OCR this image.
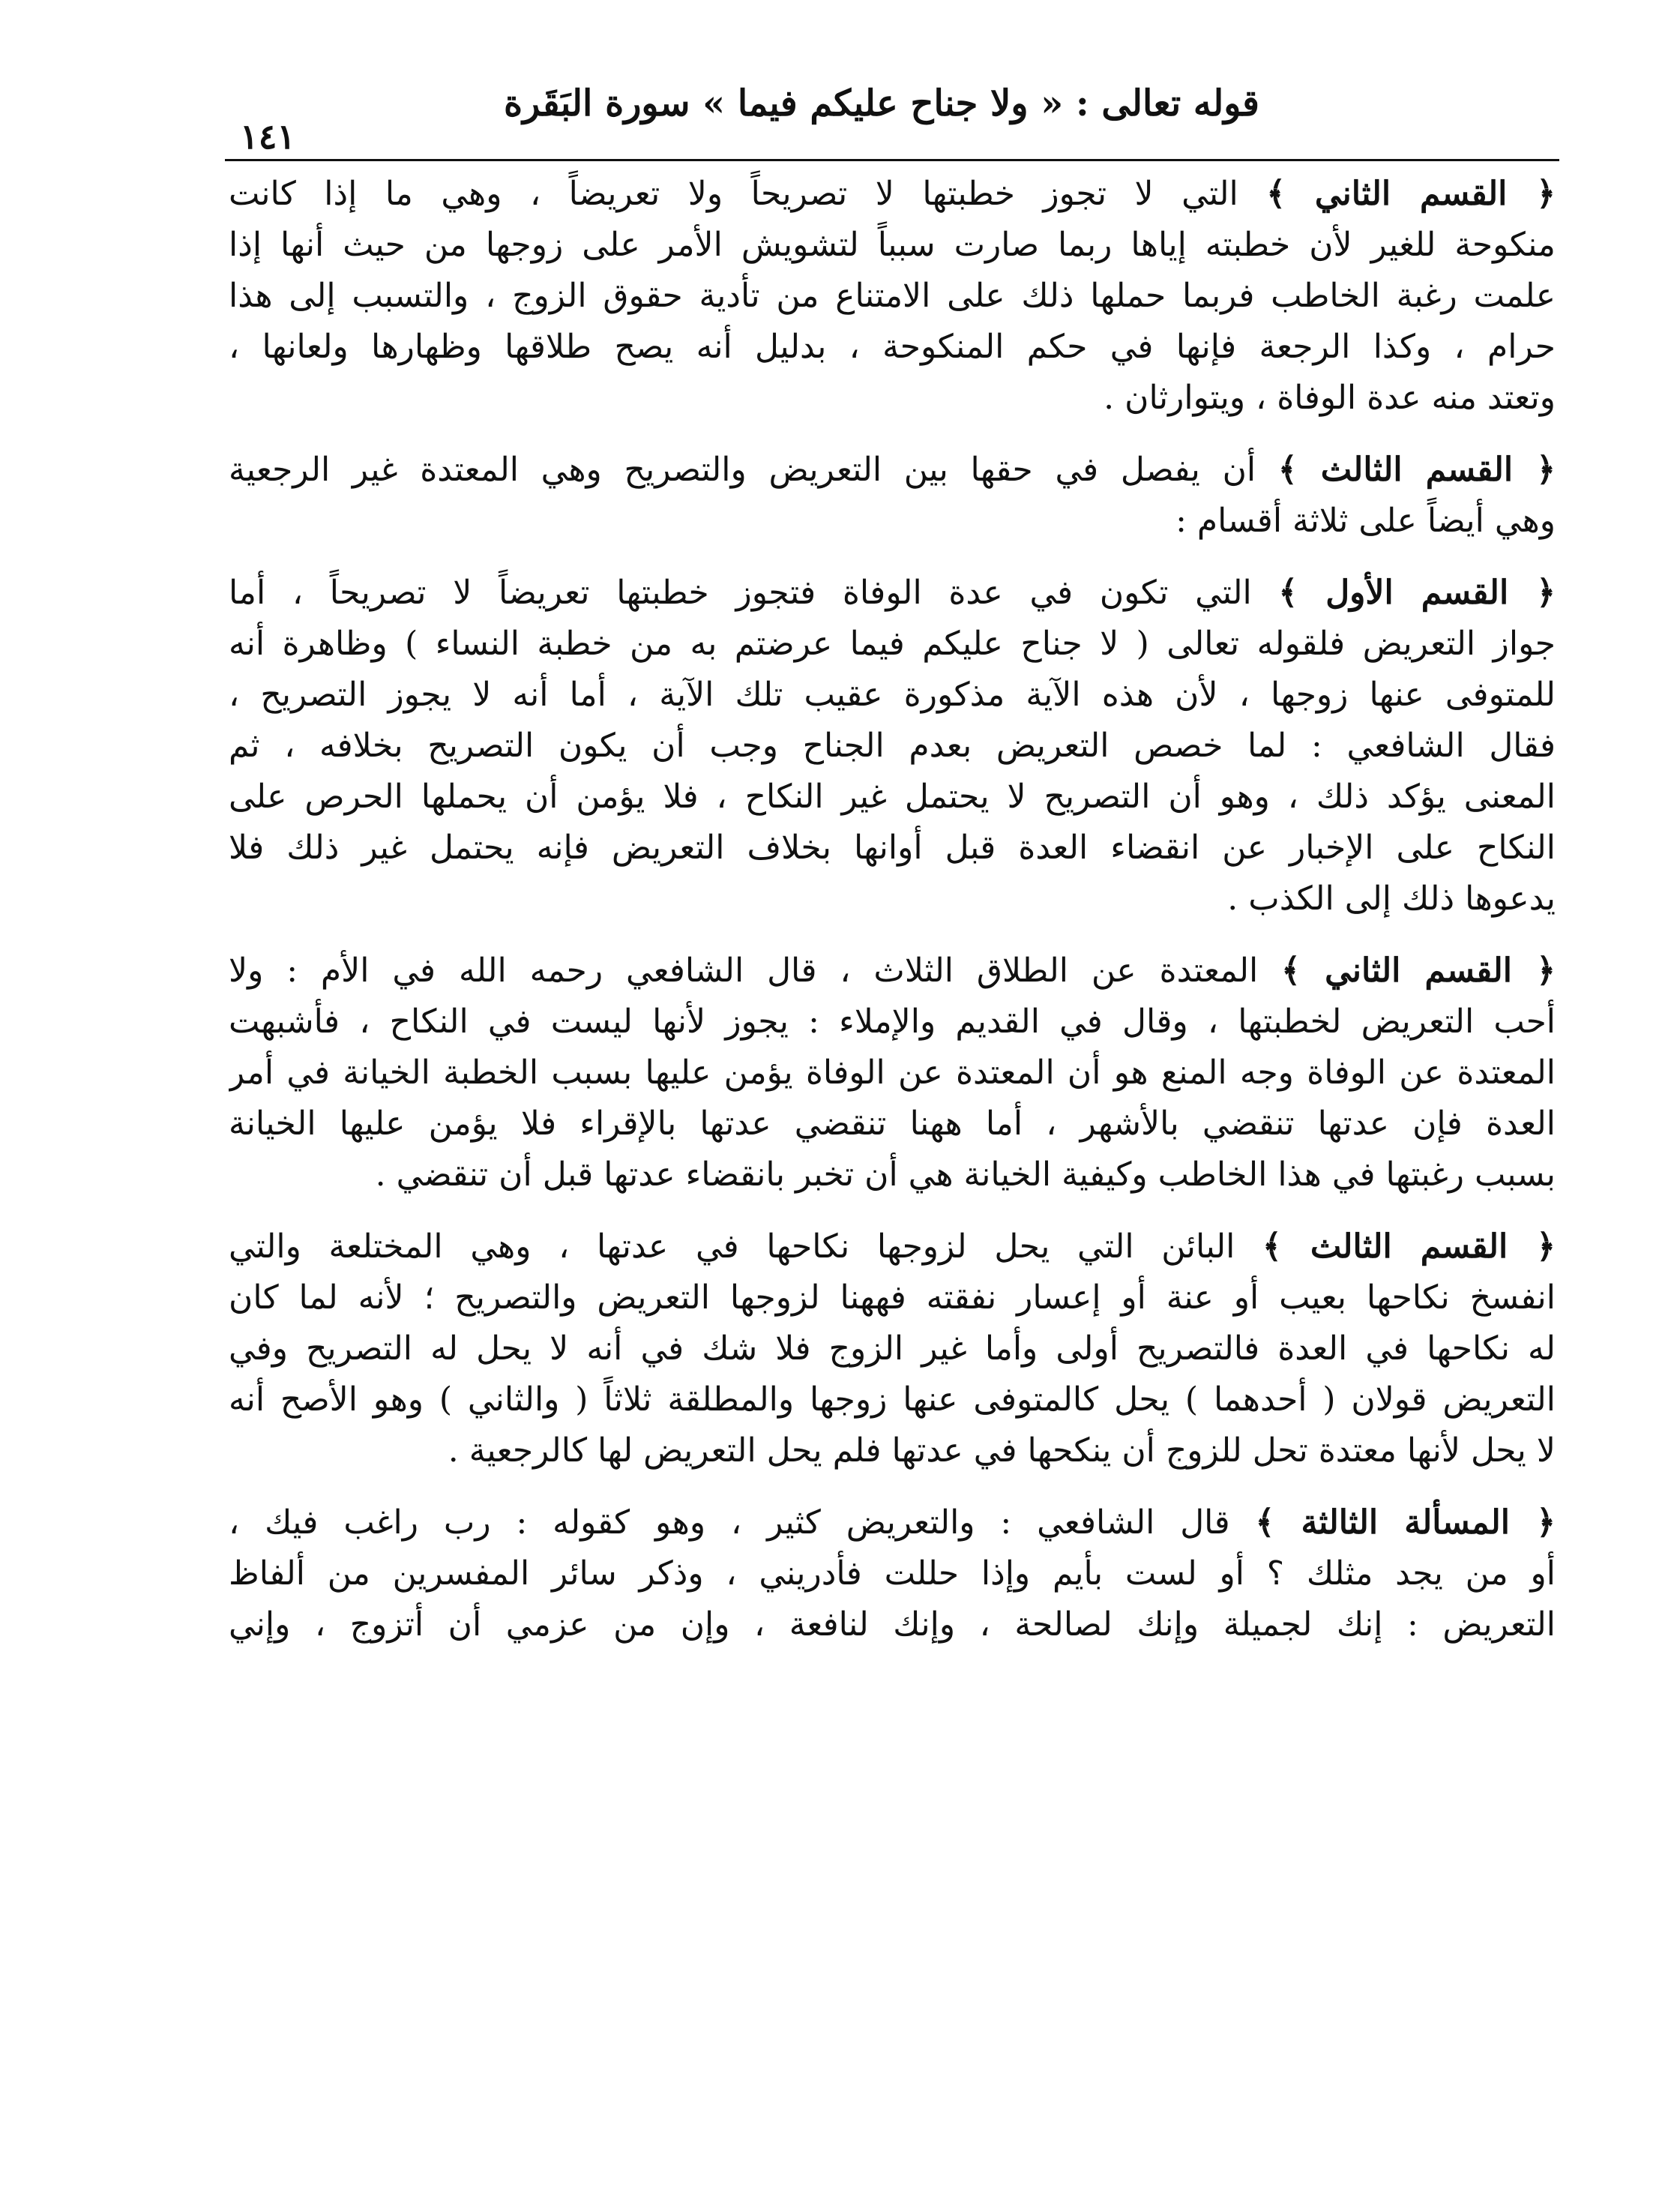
قوله تعالى : « ولا جناح عليكم فيما » سورة البَقَرة
١٤١
﴿ القسم الثاني ﴾ التي لا تجوز خطبتها لا تصريحاً ولا تعريضاً ، وهي ما إذا كانت
منكوحة للغير لأن خطبته إياها ربما صارت سبباً لتشويش الأمر على زوجها من حيث أنها إذا
علمت رغبة الخاطب فربما حملها ذلك على الامتناع من تأدية حقوق الزوج ، والتسبب إلى هذا
حرام ، وكذا الرجعة فإنها في حكم المنكوحة ، بدليل أنه يصح طلاقها وظهارها ولعانها ،
وتعتد منه عدة الوفاة ، ويتوارثان .
﴿ القسم الثالث ﴾ أن يفصل في حقها بين التعريض والتصريح وهي المعتدة غير الرجعية
وهي أيضاً على ثلاثة أقسام :
﴿ القسم الأول ﴾ التي تكون في عدة الوفاة فتجوز خطبتها تعريضاً لا تصريحاً ، أما
جواز التعريض فلقوله تعالى ( لا جناح عليكم فيما عرضتم به من خطبة النساء ) وظاهرة أنه
للمتوفى عنها زوجها ، لأن هذه الآية مذكورة عقيب تلك الآية ، أما أنه لا يجوز التصريح ،
فقال الشافعي : لما خصص التعريض بعدم الجناح وجب أن يكون التصريح بخلافه ، ثم
المعنى يؤكد ذلك ، وهو أن التصريح لا يحتمل غير النكاح ، فلا يؤمن أن يحملها الحرص على
النكاح على الإخبار عن انقضاء العدة قبل أوانها بخلاف التعريض فإنه يحتمل غير ذلك فلا
يدعوها ذلك إلى الكذب .
﴿ القسم الثاني ﴾ المعتدة عن الطلاق الثلاث ، قال الشافعي رحمه الله في الأم : ولا
أحب التعريض لخطبتها ، وقال في القديم والإملاء : يجوز لأنها ليست في النكاح ، فأشبهت
المعتدة عن الوفاة وجه المنع هو أن المعتدة عن الوفاة يؤمن عليها بسبب الخطبة الخيانة في أمر
العدة فإن عدتها تنقضي بالأشهر ، أما ههنا تنقضي عدتها بالإقراء فلا يؤمن عليها الخيانة
بسبب رغبتها في هذا الخاطب وكيفية الخيانة هي أن تخبر بانقضاء عدتها قبل أن تنقضي .
﴿ القسم الثالث ﴾ البائن التي يحل لزوجها نكاحها في عدتها ، وهي المختلعة والتي
انفسخ نكاحها بعيب أو عنة أو إعسار نفقته فههنا لزوجها التعريض والتصريح ؛ لأنه لما كان
له نكاحها في العدة فالتصريح أولى وأما غير الزوج فلا شك في أنه لا يحل له التصريح وفي
التعريض قولان ( أحدهما ) يحل كالمتوفى عنها زوجها والمطلقة ثلاثاً ( والثاني ) وهو الأصح أنه
لا يحل لأنها معتدة تحل للزوج أن ينكحها في عدتها فلم يحل التعريض لها كالرجعية .
﴿ المسألة الثالثة ﴾ قال الشافعي : والتعريض كثير ، وهو كقوله : رب راغب فيك ،
أو من يجد مثلك ؟ أو لست بأيم وإذا حللت فأدريني ، وذكر سائر المفسرين من ألفاظ
التعريض : إنك لجميلة وإنك لصالحة ، وإنك لنافعة ، وإن من عزمي أن أتزوج ، وإني
